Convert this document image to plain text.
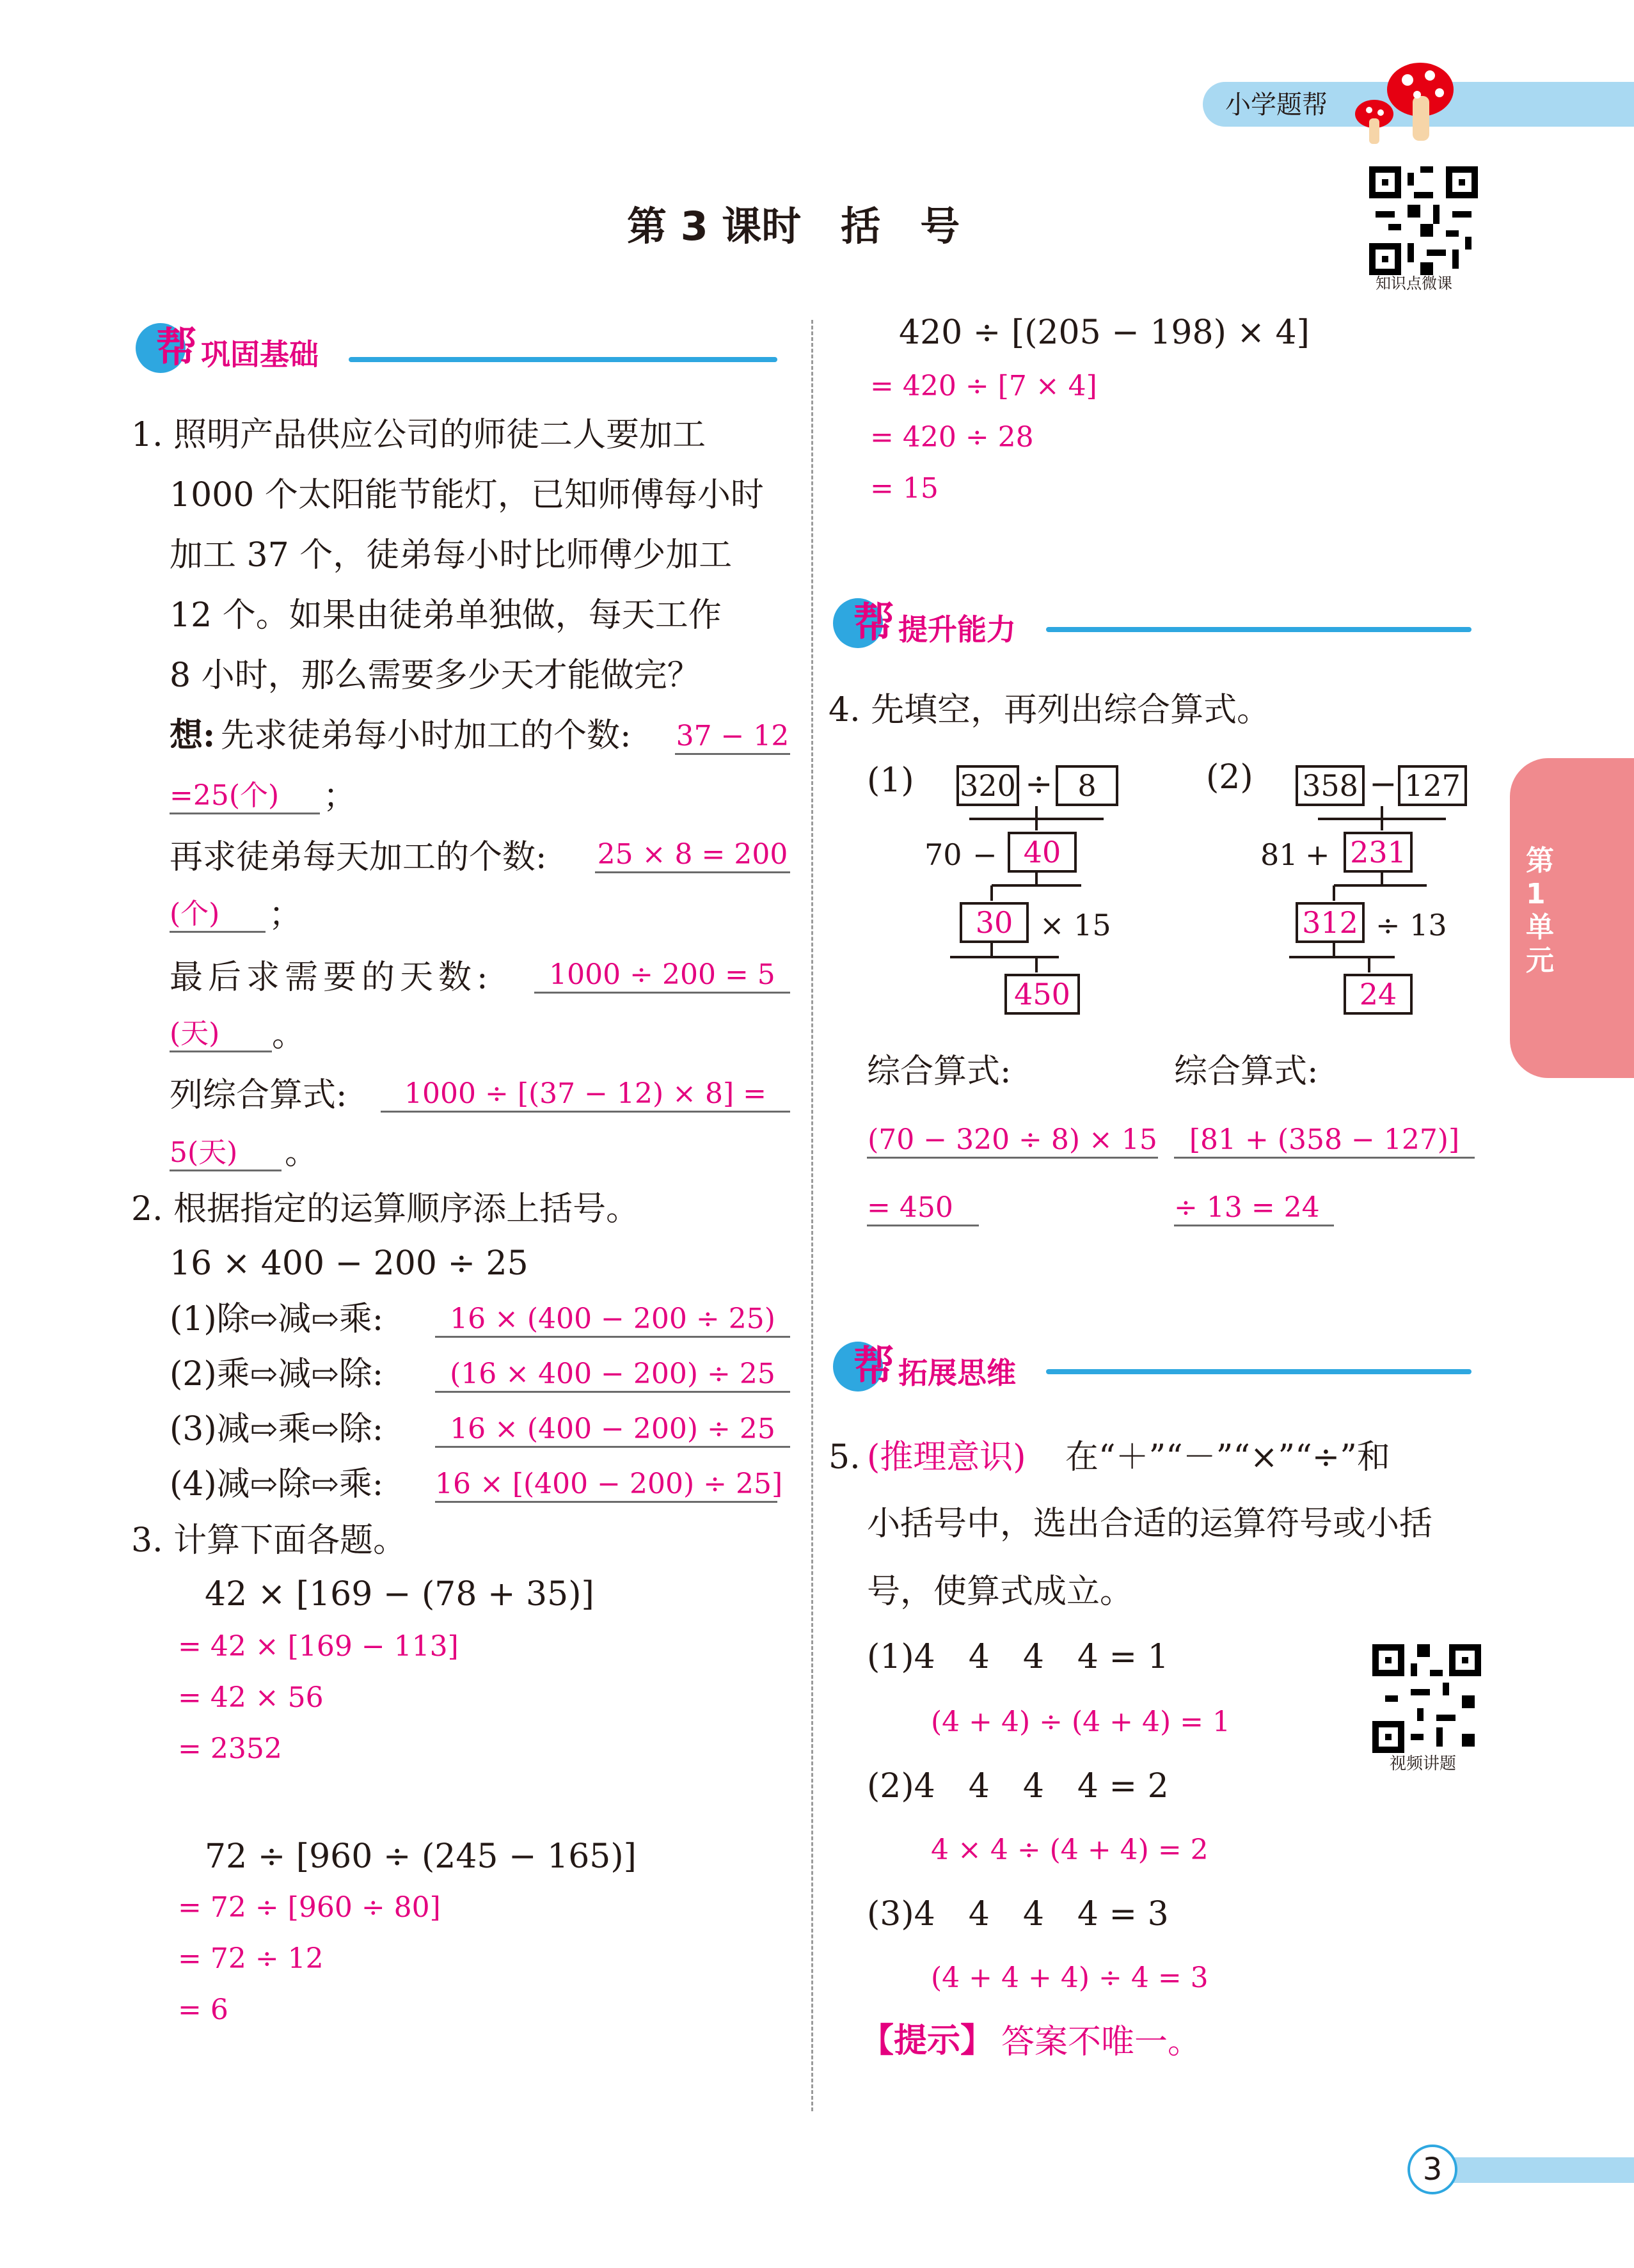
小学题帮
第 3 课时　括　号
知识点微课
第1单元
帮 巩固基础
1. 照明产品供应公司的师徒二人要加工
1000 个太阳能节能灯，已知师傅每小时
加工 37 个，徒弟每小时比师傅少加工
12 个。如果由徒弟单独做，每天工作
8 小时，那么需要多少天才能做完？
想: 先求徒弟每小时加工的个数: 37 − 12
=25(个)	；
再求徒弟每天加工的个数: 25 × 8 = 200
(个)	；
最后求需要的天数:	1000 ÷ 200 = 5
(天)	。
列综合算式:	1000 ÷ [(37 − 12) × 8] =
5(天)	。
2. 根据指定的运算顺序添上括号。
16 × 400 − 200 ÷ 25
(1)除⇨减⇨乘:	16 × (400 − 200 ÷ 25)
(2)乘⇨减⇨除:	(16 × 400 − 200) ÷ 25
(3)减⇨乘⇨除:	16 × (400 − 200) ÷ 25
(4)减⇨除⇨乘: 16 × [(400 − 200) ÷ 25]
3. 计算下面各题。
42 × [169 − (78 + 35)]
= 42 × [169 − 113]
= 42 × 56
= 2352
72 ÷ [960 ÷ (245 − 165)]
= 72 ÷ [960 ÷ 80]
= 72 ÷ 12
= 6
420 ÷ [(205 − 198) × 4]
= 420 ÷ [7 × 4]
= 420 ÷ 28
= 15
帮 提升能力
4. 先填空，再列出综合算式。
(1) 320 ÷ 8
70 − 40
30 × 15
450
(2) 358 − 127
81 + 231
312 ÷ 13
24
综合算式:	综合算式:
(70 − 320 ÷ 8) × 15
= 450
[81 + (358 − 127)]
÷ 13 = 24
帮 拓展思维
5. (推理意识) 在“＋”“－”“×”“÷”和
小括号中，选出合适的运算符号或小括
号，使算式成立。
(1)4　4　4　4 = 1
(4 + 4) ÷ (4 + 4) = 1
(2)4　4　4　4 = 2
4 × 4 ÷ (4 + 4) = 2
(3)4　4　4　4 = 3
(4 + 4 + 4) ÷ 4 = 3
【提示】 答案不唯一。
视频讲题
3
